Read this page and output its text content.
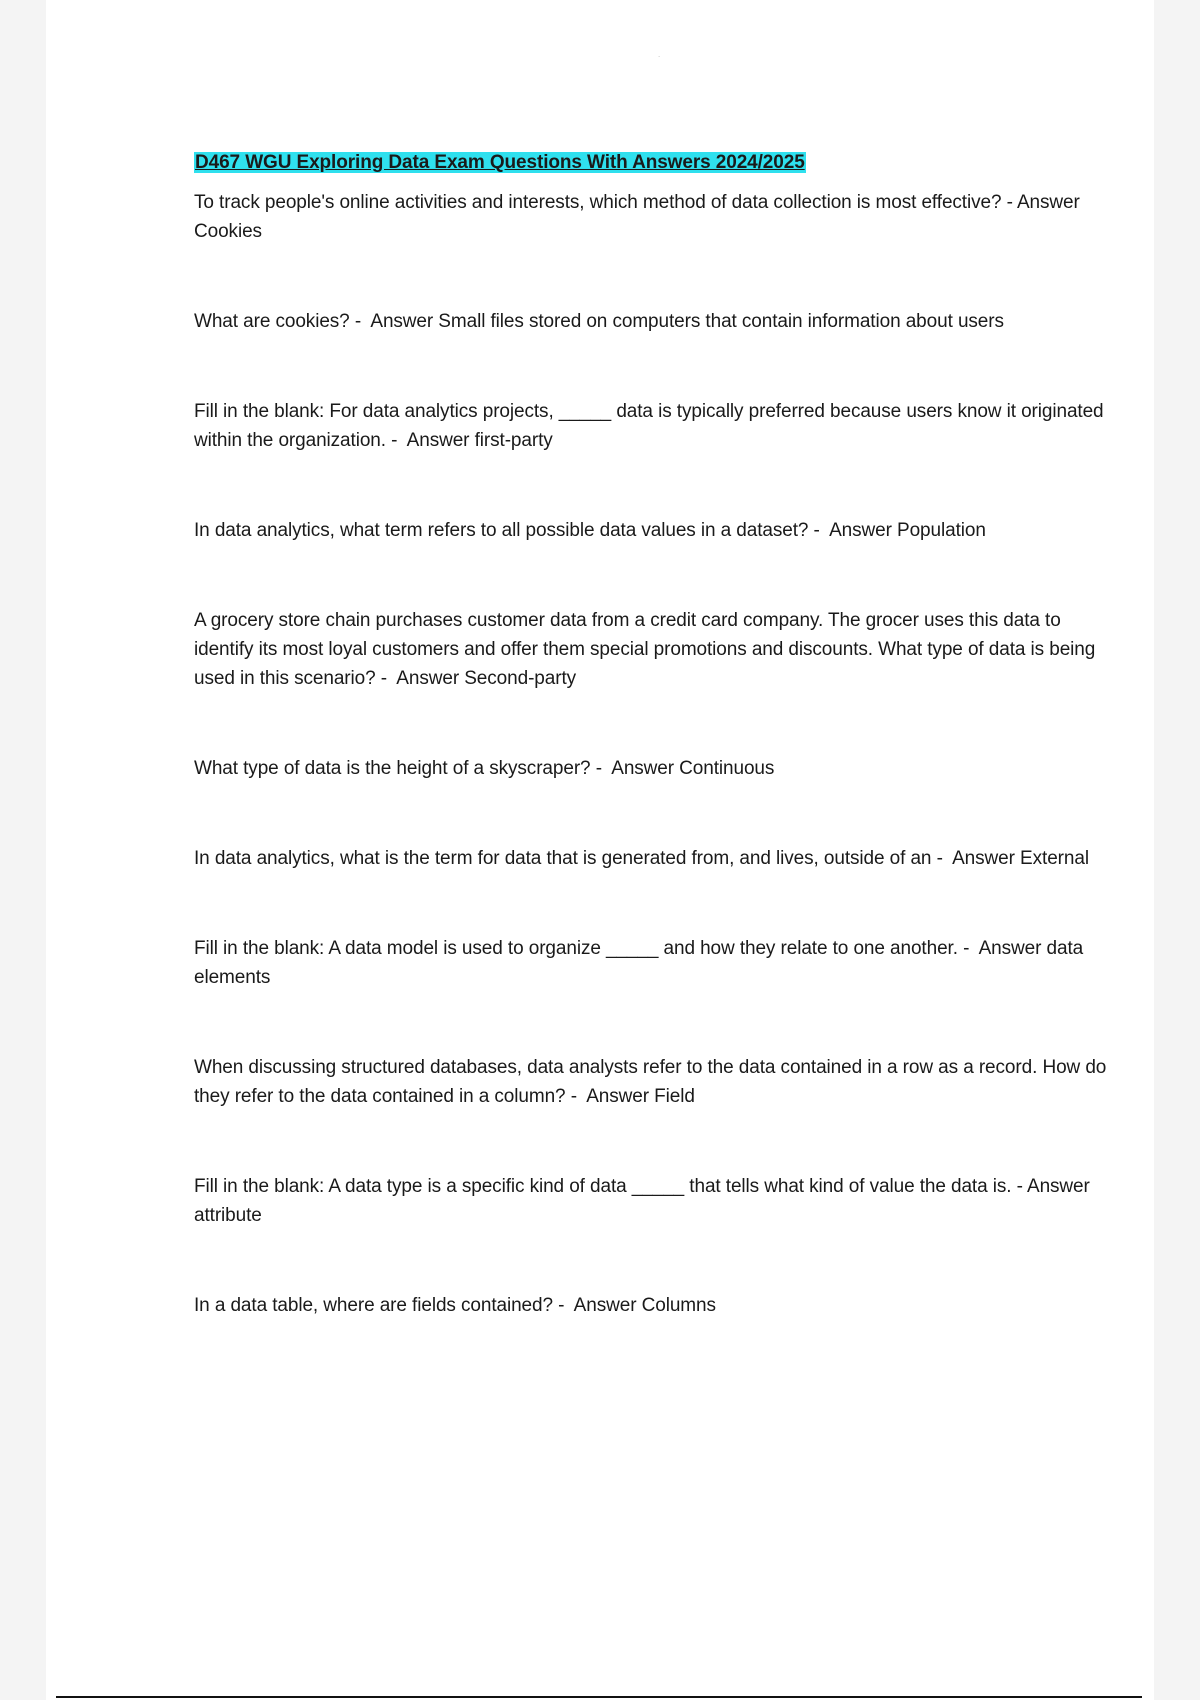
.
D467 WGU Exploring Data Exam Questions With Answers 2024/2025

To track people's online activities and interests, which method of data collection is most effective? - Answer Cookies

What are cookies? -  Answer Small files stored on computers that contain information about users

Fill in the blank: For data analytics projects, _____ data is typically preferred because users know it originated within the organization. -  Answer first-party

In data analytics, what term refers to all possible data values in a dataset? -  Answer Population

A grocery store chain purchases customer data from a credit card company. The grocer uses this data to identify its most loyal customers and offer them special promotions and discounts. What type of data is being used in this scenario? -  Answer Second-party

What type of data is the height of a skyscraper? -  Answer Continuous

In data analytics, what is the term for data that is generated from, and lives, outside of an -  Answer External

Fill in the blank: A data model is used to organize _____ and how they relate to one another. -  Answer data elements

When discussing structured databases, data analysts refer to the data contained in a row as a record. How do they refer to the data contained in a column? -  Answer Field

Fill in the blank: A data type is a specific kind of data _____ that tells what kind of value the data is. - Answer attribute

In a data table, where are fields contained? -  Answer Columns
